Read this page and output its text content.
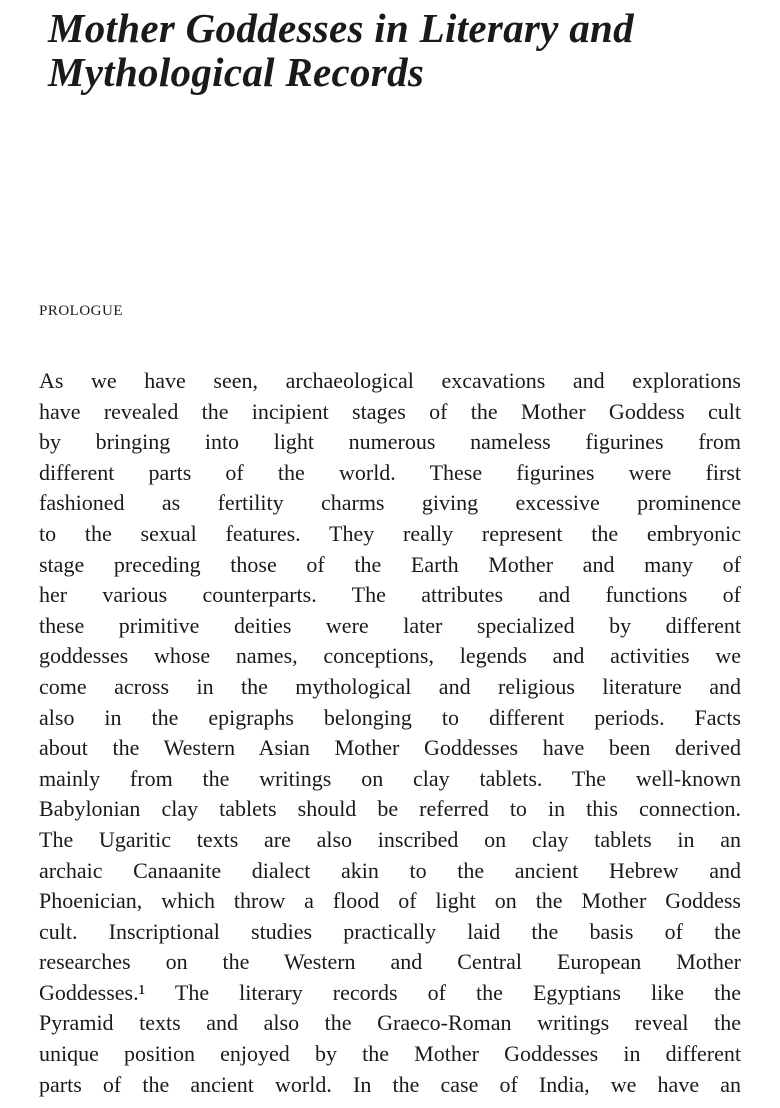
Mother Goddesses in Literary and
Mythological Records
PROLOGUE
As we have seen, archaeological excavations and explorations
have revealed the incipient stages of the Mother Goddess cult
by bringing into light numerous nameless figurines from
different parts of the world. These figurines were first
fashioned as fertility charms giving excessive prominence
to the sexual features. They really represent the embryonic
stage preceding those of the Earth Mother and many of
her various counterparts. The attributes and functions of
these primitive deities were later specialized by different
goddesses whose names, conceptions, legends and activities we
come across in the mythological and religious literature and
also in the epigraphs belonging to different periods. Facts
about the Western Asian Mother Goddesses have been derived
mainly from the writings on clay tablets. The well-known
Babylonian clay tablets should be referred to in this connection.
The Ugaritic texts are also inscribed on clay tablets in an
archaic Canaanite dialect akin to the ancient Hebrew and
Phoenician, which throw a flood of light on the Mother Goddess
cult. Inscriptional studies practically laid the basis of the
researches on the Western and Central European Mother
Goddesses.¹ The literary records of the Egyptians like the
Pyramid texts and also the Graeco-Roman writings reveal the
unique position enjoyed by the Mother Goddesses in different
parts of the ancient world. In the case of India, we have an
